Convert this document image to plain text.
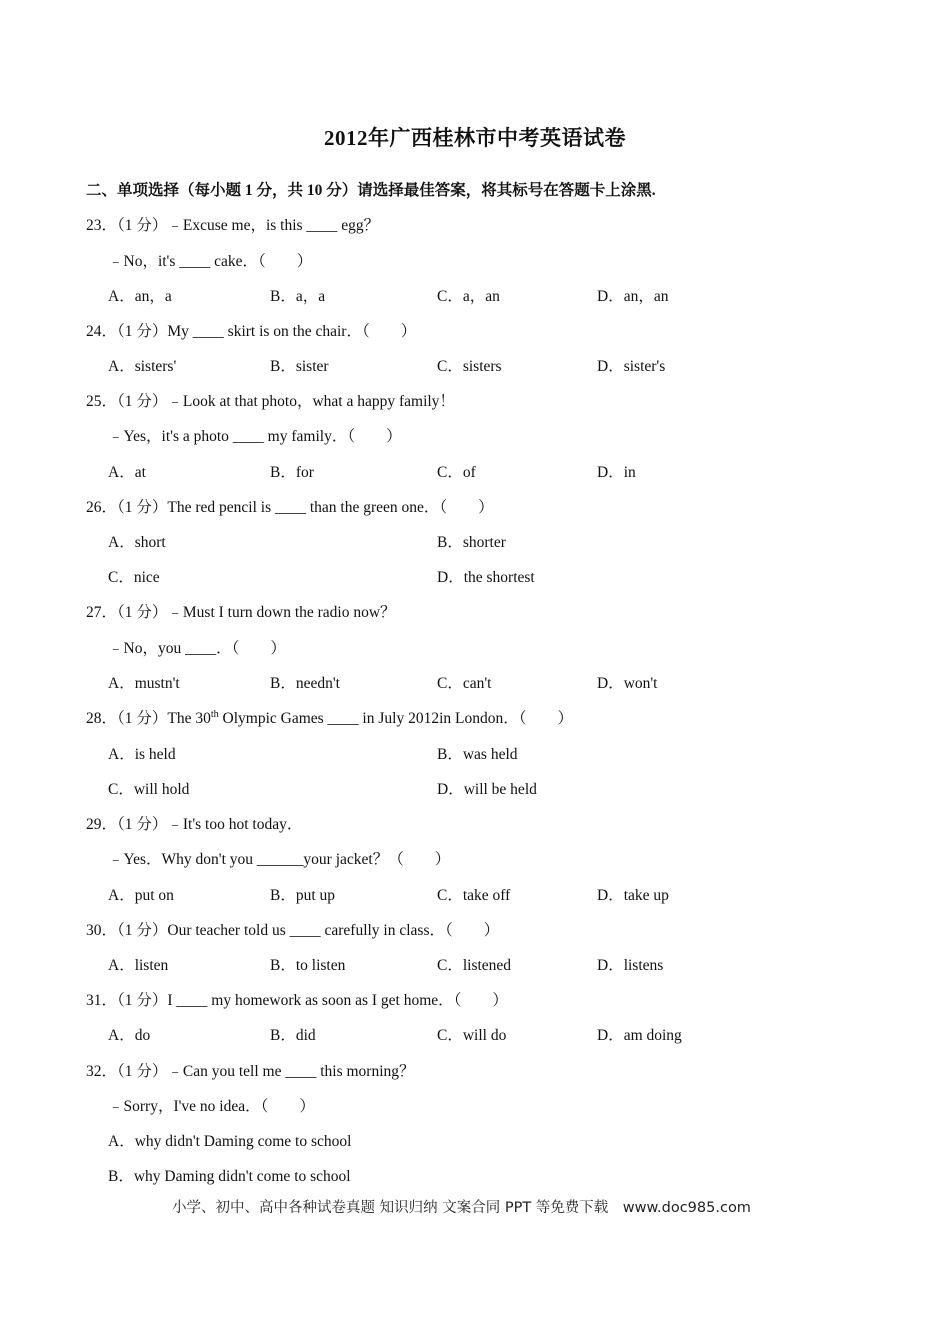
2012年广西桂林市中考英语试卷
二、单项选择（每小题 1 分，共 10 分）请选择最佳答案，将其标号在答题卡上涂黑.
23．（1 分）﹣Excuse me，is this ____ egg？
﹣No，it's ____ cake．（　　）
A．an，a	B．a，a	C．a，an	D．an，an
24．（1 分）My ____ skirt is on the chair．（　　）
A．sisters'	B．sister	C．sisters	D．sister's
25．（1 分）﹣Look at that photo，what a happy family！
﹣Yes，it's a photo ____ my family．（　　）
A．at	B．for	C．of	D．in
26．（1 分）The red pencil is ____ than the green one．（　　）
A．short	B．shorter
C．nice	D．the shortest
27．（1 分）﹣Must I turn down the radio now？
﹣No，you ____．（　　）
A．mustn't	B．needn't	C．can't	D．won't
28．（1 分）The 30th Olympic Games ____ in July 2012in London．（　　）
A．is held	B．was held
C．will hold	D．will be held
29．（1 分）﹣It's too hot today．
﹣Yes．Why don't you ______your jacket？（　　）
A．put on	B．put up	C．take off	D．take up
30．（1 分）Our teacher told us ____ carefully in class．（　　）
A．listen	B．to listen	C．listened	D．listens
31．（1 分）I ____ my homework as soon as I get home．（　　）
A．do	B．did	C．will do	D．am doing
32．（1 分）﹣Can you tell me ____ this morning？
﹣Sorry，I've no idea．（　　）
A．why didn't Daming come to school
B．why Daming didn't come to school
小学、初中、高中各种试卷真题 知识归纳 文案合同 PPT 等免费下载　www.doc985.com
